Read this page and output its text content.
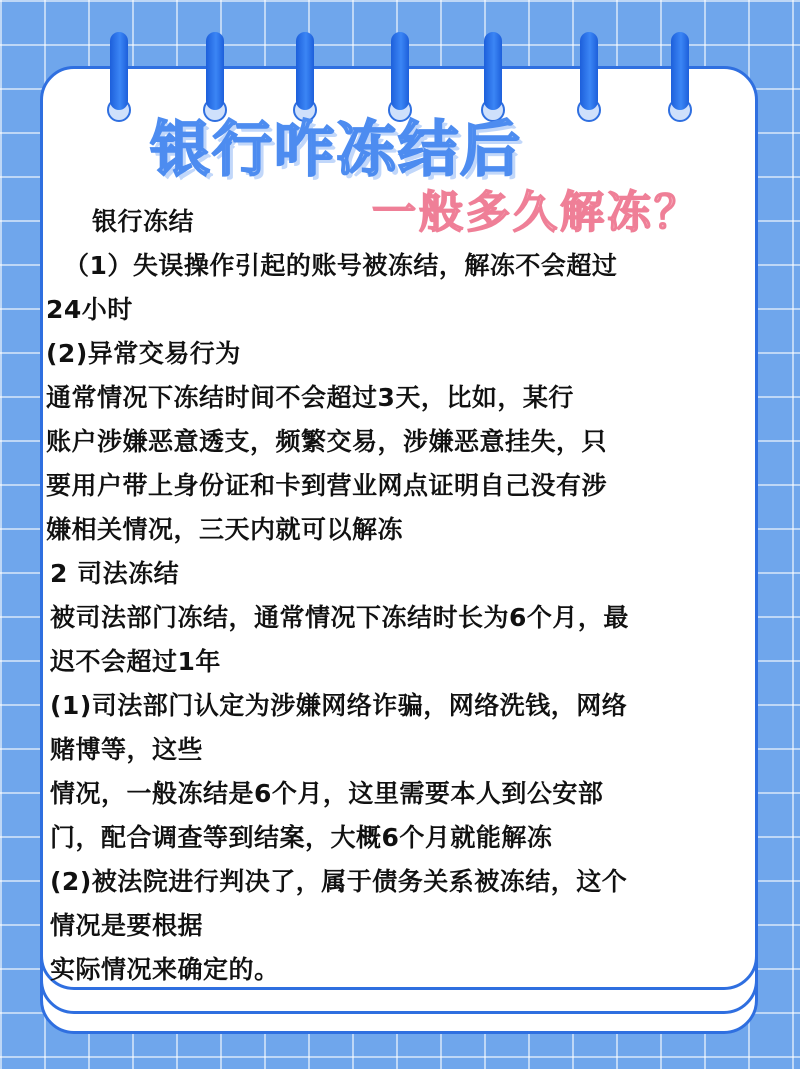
银行咋冻结后
一般多久解冻？
银行冻结
（1）失误操作引起的账号被冻结，解冻不会超过
24小时
(2)异常交易行为
通常情况下冻结时间不会超过3天，比如，某行
账户涉嫌恶意透支，频繁交易，涉嫌恶意挂失，只
要用户带上身份证和卡到营业网点证明自己没有涉
嫌相关情况，三天内就可以解冻
2 司法冻结
被司法部门冻结，通常情况下冻结时长为6个月，最
迟不会超过1年
(1)司法部门认定为涉嫌网络诈骗，网络洗钱，网络
赌博等，这些
情况，一般冻结是6个月，这里需要本人到公安部
门，配合调查等到结案，大概6个月就能解冻
(2)被法院进行判决了，属于债务关系被冻结，这个
情况是要根据
实际情况来确定的。
